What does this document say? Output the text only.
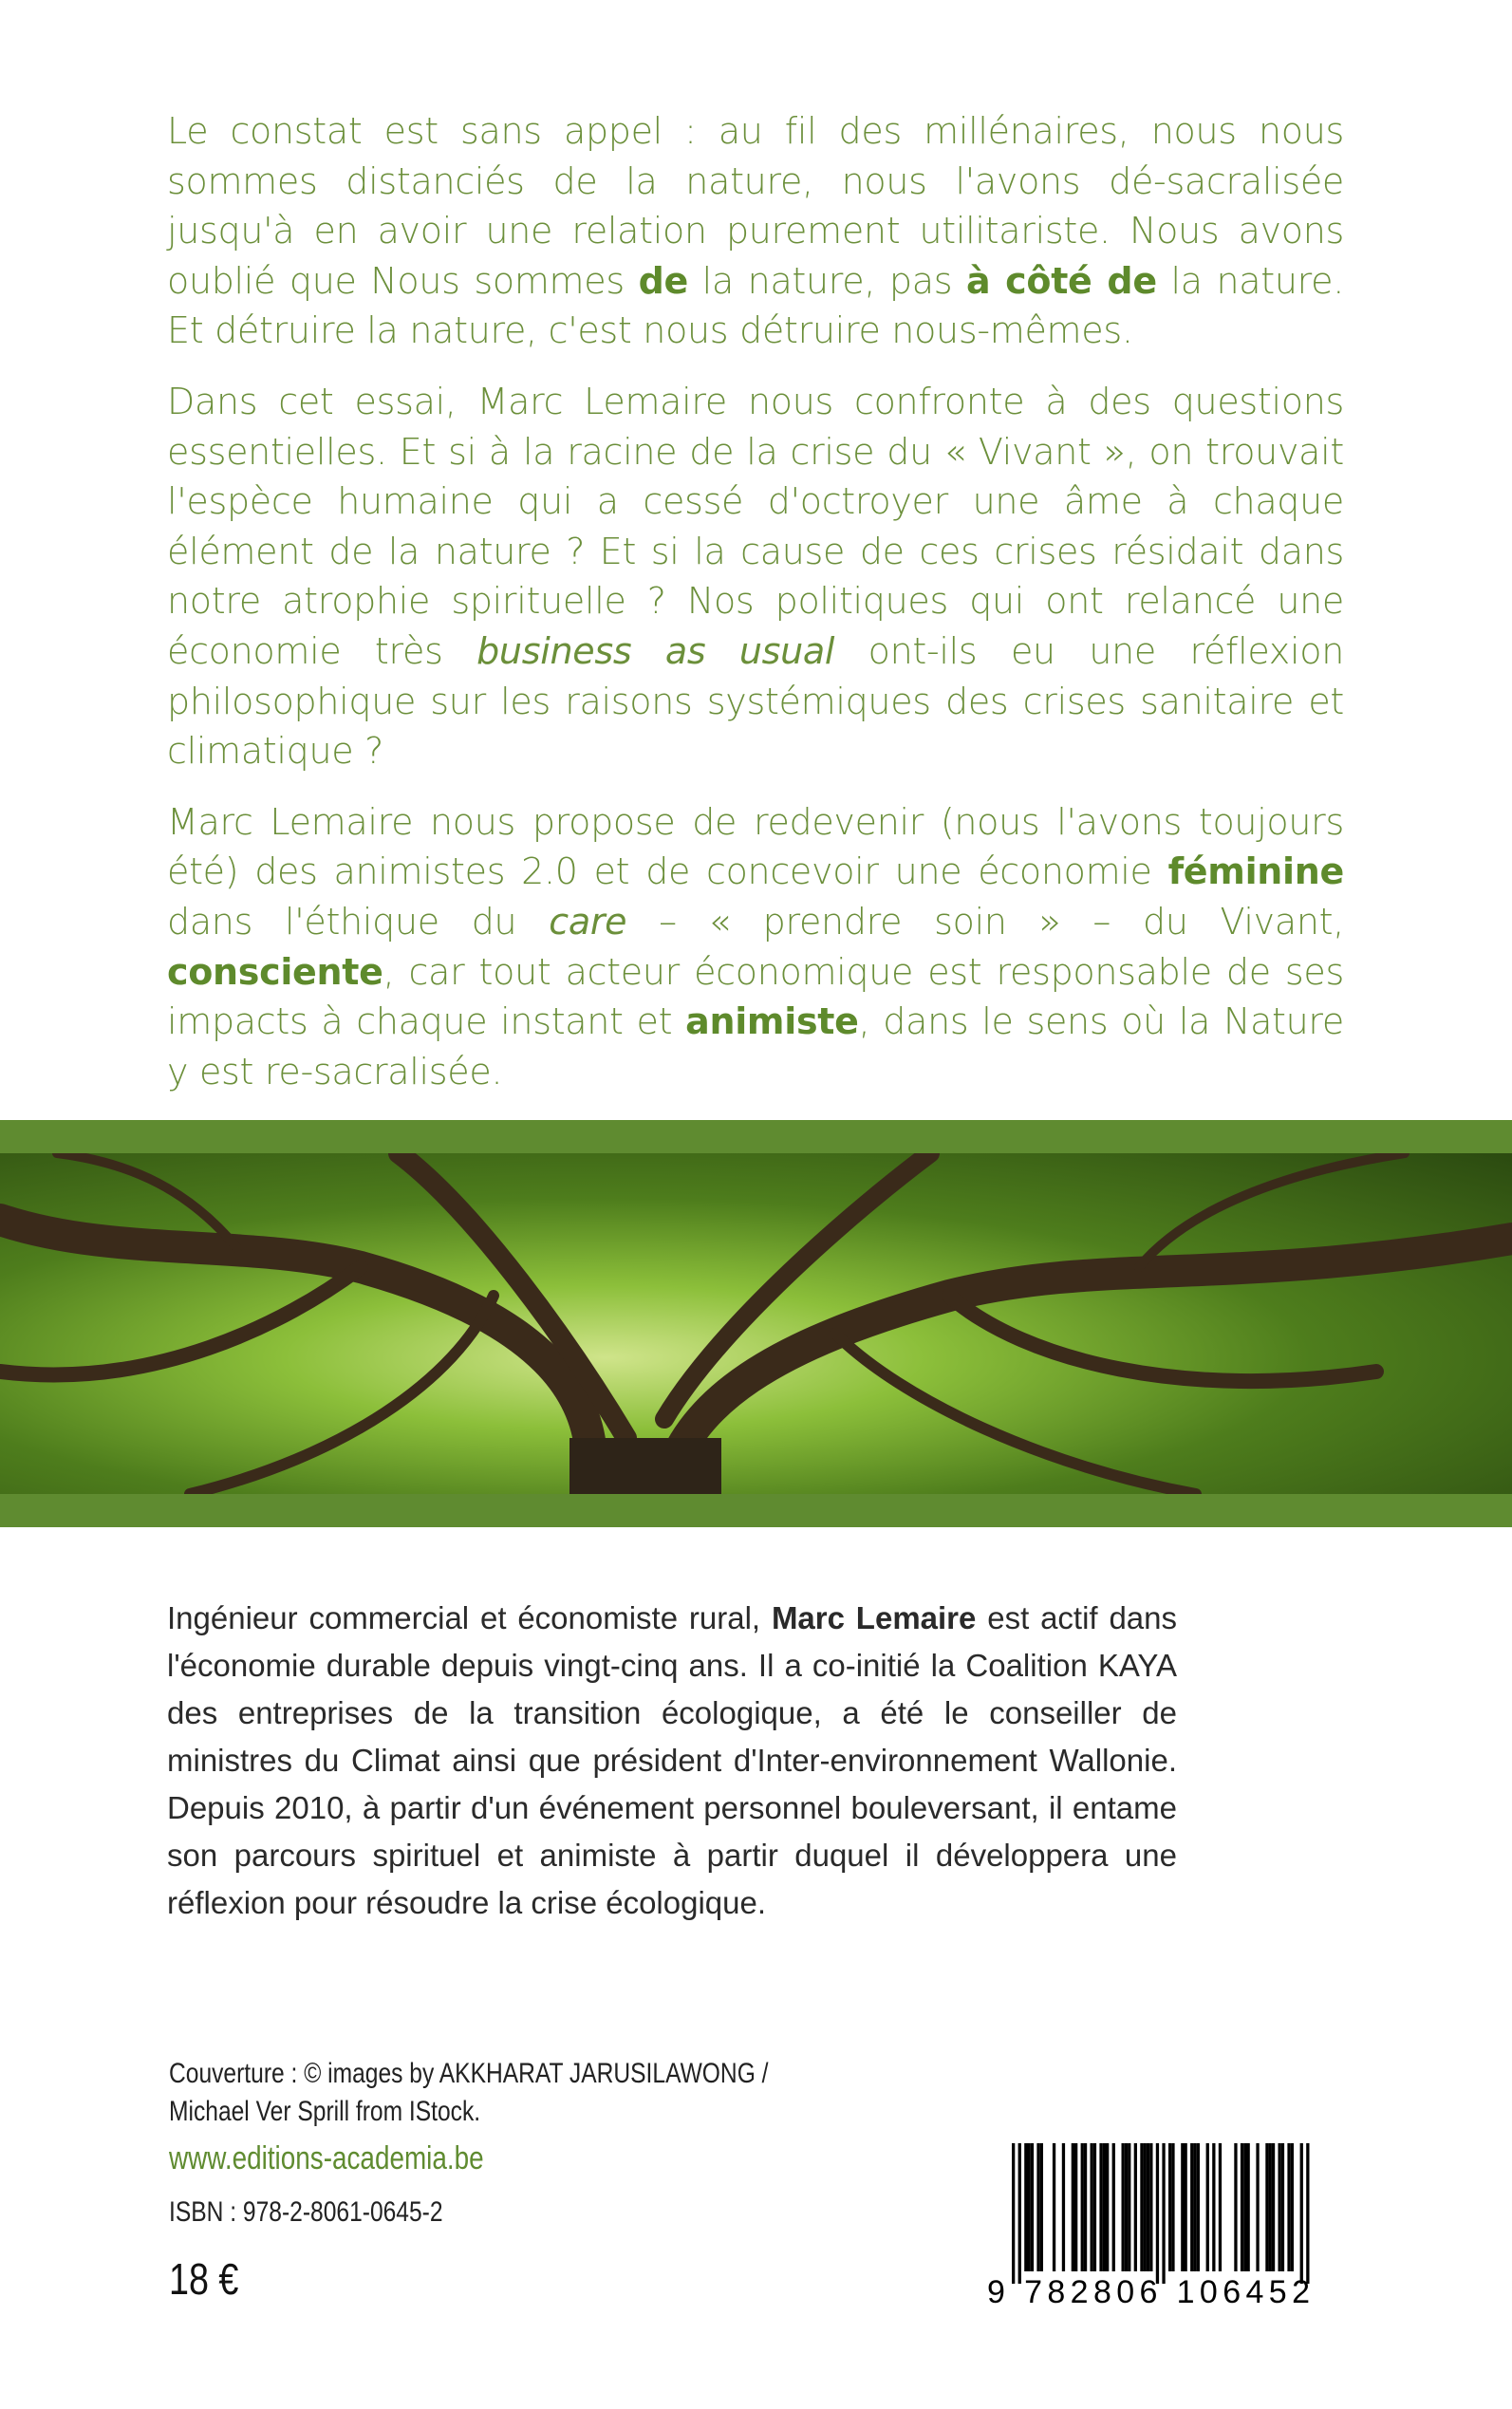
Le constat est sans appel : au fil des millénaires, nous nous sommes distanciés de la nature, nous l'avons dé-sacralisée jusqu'à en avoir une relation purement utilitariste. Nous avons oublié que Nous sommes de la nature, pas à côté de la nature. Et détruire la nature, c'est nous détruire nous-mêmes.

Dans cet essai, Marc Lemaire nous confronte à des questions essentielles. Et si à la racine de la crise du « Vivant », on trouvait l'espèce humaine qui a cessé d'octroyer une âme à chaque élément de la nature ? Et si la cause de ces crises résidait dans notre atrophie spirituelle ? Nos politiques qui ont relancé une économie très business as usual ont-ils eu une réflexion philosophique sur les raisons systémiques des crises sanitaire et climatique ?

Marc Lemaire nous propose de redevenir (nous l'avons toujours été) des animistes 2.0 et de concevoir une économie féminine dans l'éthique du care – « prendre soin » – du Vivant, consciente, car tout acteur économique est responsable de ses impacts à chaque instant et animiste, dans le sens où la Nature y est re-sacralisée.

Ingénieur commercial et économiste rural, Marc Lemaire est actif dans l'économie durable depuis vingt-cinq ans. Il a co-initié la Coalition KAYA des entreprises de la transition écologique, a été le conseiller de ministres du Climat ainsi que président d'Inter-environnement Wallonie. Depuis 2010, à partir d'un événement personnel bouleversant, il entame son parcours spirituel et animiste à partir duquel il développera une réflexion pour résoudre la crise écologique.
Couverture : © images by AKKHARAT JARUSILAWONG /
Michael Ver Sprill from IStock.
www.editions-academia.be
ISBN : 978-2-8061-0645-2
18 €	9 782806 106452
